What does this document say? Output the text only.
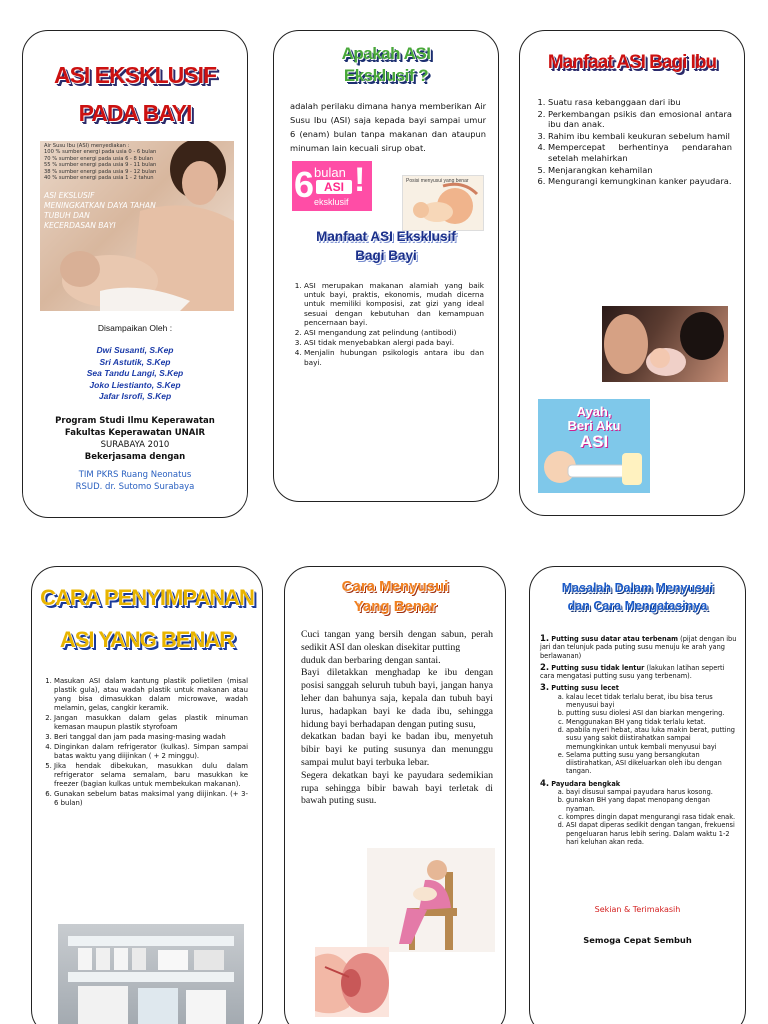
ASI EKSKLUSIF
PADA BAYI
Air Susu Ibu (ASI) menyediakan :
100 % sumber energi pada usia 0 - 6 bulan
70 % sumber energi pada usia 6 - 8 bulan
55 % sumber energi pada usia 9 - 11 bulan
38 % sumber energi pada usia 9 - 12 bulan
40 % sumber energi pada usia 1 - 2 tahun
ASI EKSLUSIF
MENINGKATKAN DAYA TAHAN
TUBUH DAN
KECERDASAN BAYI
Disampaikan Oleh :
Dwi Susanti, S.Kep
Sri Astutik, S.Kep
Sea Tandu Langi, S.Kep
Joko Liestianto, S.Kep
Jafar Isrofi, S.Kep
Program Studi Ilmu Keperawatan
Fakultas Keperawatan UNAIR
SURABAYA 2010
Bekerjasama dengan
TIM PKRS Ruang Neonatus
RSUD. dr. Sutomo Surabaya
Apakah ASI
Eksklusif ?
adalah perilaku dimana hanya memberikan Air Susu Ibu (ASI) saja kepada bayi sampai umur 6 (enam) bulan tanpa makanan dan ataupun minuman lain kecuali sirup obat.
6 bulan
ASI !
eksklusif
Posisi menyusui yang benar
Manfaat ASI Eksklusif
Bagi Bayi
1. ASI merupakan makanan alamiah yang baik untuk bayi, praktis, ekonomis, mudah dicerna untuk memiliki komposisi, zat gizi yang ideal sesuai dengan kebutuhan dan kemampuan pencernaan bayi.
2. ASI mengandung zat pelindung (antibodi)
3. ASI tidak menyebabkan alergi pada bayi.
4. Menjalin hubungan psikologis antara ibu dan bayi.
Manfaat ASI Bagi Ibu
1. Suatu rasa kebanggaan dari ibu
2. Perkembangan psikis dan emosional antara ibu dan anak.
3. Rahim ibu kembali keukuran sebelum hamil
4. Mempercepat berhentinya pendarahan setelah melahirkan
5. Menjarangkan kehamilan
6. Mengurangi kemungkinan kanker payudara.
Ayah,
Beri Aku
ASI
CARA PENYIMPANAN
ASI YANG BENAR
1. Masukan ASI dalam kantung plastik polietilen (misal plastik gula), atau wadah plastik untuk makanan atau yang bisa dimasukkan dalam microwave, wadah melamin, gelas, cangkir keramik.
2. Jangan masukkan dalam gelas plastik minuman kemasan maupun plastik styrofoam
3. Beri tanggal dan jam pada masing-masing wadah
4. Dinginkan dalam refrigerator (kulkas). Simpan sampai batas waktu yang diijinkan ( + 2 minggu).
5. Jika hendak dibekukan, masukkan dulu dalam refrigerator selama semalam, baru masukkan ke freezer (bagian kulkas untuk membekukan makanan).
6. Gunakan sebelum batas maksimal yang diijinkan. (+ 3-6 bulan)
Cara Menyusui
Yang Benar
Cuci tangan yang bersih dengan sabun, perah sedikit ASI dan oleskan disekitar putting
duduk dan berbaring dengan santai.
Bayi diletakkan menghadap ke ibu dengan posisi sanggah seluruh tubuh bayi, jangan hanya leher dan bahunya saja, kepala dan tubuh bayi lurus, hadapkan bayi ke dada ibu, sehingga hidung bayi berhadapan dengan puting susu,
dekatkan badan bayi ke badan ibu, menyetuh bibir bayi ke puting susunya dan menunggu sampai mulut bayi terbuka lebar.
Segera dekatkan bayi ke payudara sedemikian rupa sehingga bibir bawah bayi terletak di bawah puting susu.
Masalah Dalam Menyusui
dan Cara Mengatasinya
1. Putting susu datar atau terbenam (pijat dengan ibu jari dan telunjuk pada puting susu menuju ke arah yang berlawanan)
2. Putting susu tidak lentur (lakukan latihan seperti cara mengatasi putting susu yang terbenam).
3. Putting susu lecet
a. kalau lecet tidak terlalu berat, ibu bisa terus menyusui bayi
b. putting susu diolesi ASI dan biarkan mengering.
c. Menggunakan BH yang tidak terlalu ketat.
d. apabila nyeri hebat, atau luka makin berat, putting susu yang sakit diistirahatkan sampai memungkinkan untuk kembali menyusui bayi
e. Selama putting susu yang bersangkutan diistirahatkan, ASI dikeluarkan oleh ibu dengan tangan.
4. Payudara bengkak
a. bayi disusui sampai payudara harus kosong.
b. gunakan BH yang dapat menopang dengan nyaman.
c. kompres dingin dapat mengurangi rasa tidak enak.
d. ASI dapat diperas sedikit dengan tangan, frekuensi pengeluaran harus lebih sering. Dalam waktu 1-2 hari keluhan akan reda.
Sekian & Terimakasih
Semoga Cepat Sembuh
